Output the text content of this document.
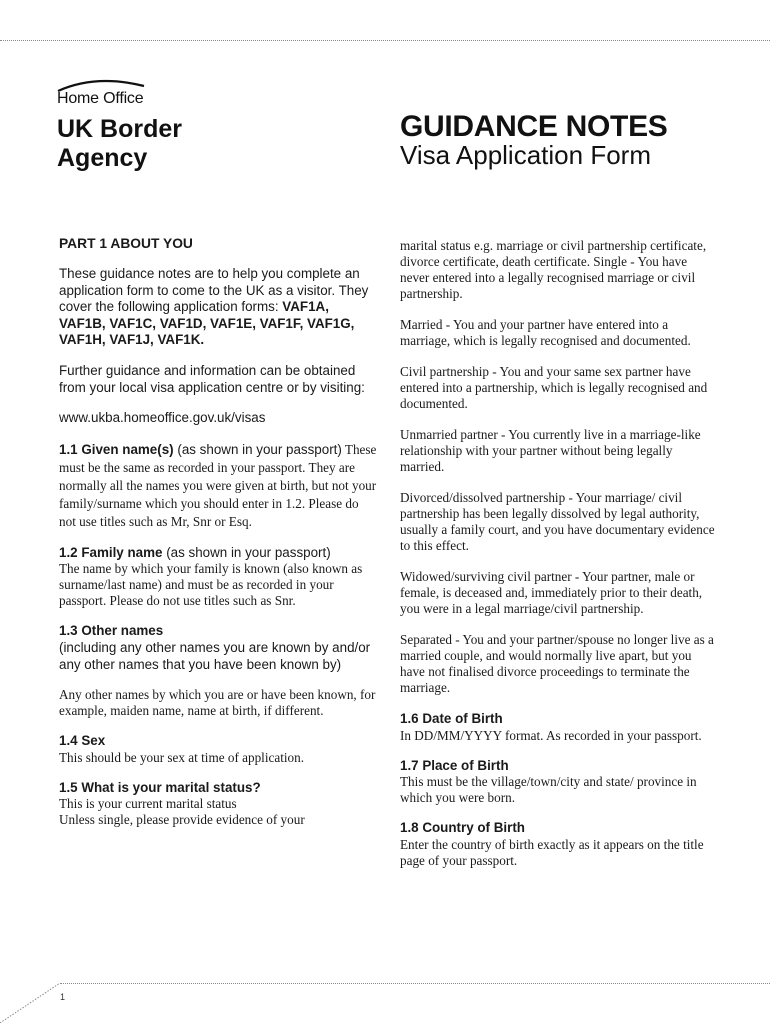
Home Office
UK Border
Agency
GUIDANCE NOTES
Visa Application Form
PART 1 ABOUT YOU
These guidance notes are to help you complete an application form to come to the UK as a visitor. They cover the following application forms: VAF1A, VAF1B, VAF1C, VAF1D, VAF1E, VAF1F, VAF1G, VAF1H, VAF1J, VAF1K.
Further guidance and information can be obtained from your local visa application centre or by visiting:
www.ukba.homeoffice.gov.uk/visas
1.1 Given name(s) (as shown in your passport) These must be the same as recorded in your passport. They are normally all the names you were given at birth, but not your family/surname which you should enter in 1.2. Please do not use titles such as Mr, Snr or Esq.
1.2 Family name (as shown in your passport)
The name by which your family is known (also known as surname/last name) and must be as recorded in your passport. Please do not use titles such as Snr.
1.3 Other names
(including any other names you are known by and/or any other names that you have been known by)
Any other names by which you are or have been known, for example, maiden name, name at birth, if different.
1.4 Sex
This should be your sex at time of application.
1.5 What is your marital status?
This is your current marital status
Unless single, please provide evidence of your
marital status e.g. marriage or civil partnership certificate, divorce certificate, death certificate. Single - You have never entered into a legally recognised marriage or civil partnership.
Married - You and your partner have entered into a marriage, which is legally recognised and documented.
Civil partnership - You and your same sex partner have entered into a partnership, which is legally recognised and documented.
Unmarried partner - You currently live in a marriage-like relationship with your partner without being legally married.
Divorced/dissolved partnership - Your marriage/ civil partnership has been legally dissolved by legal authority, usually a family court, and you have documentary evidence to this effect.
Widowed/surviving civil partner - Your partner, male or female, is deceased and, immediately prior to their death, you were in a legal marriage/civil partnership.
Separated - You and your partner/spouse no longer live as a married couple, and would normally live apart, but you have not finalised divorce proceedings to terminate the marriage.
1.6 Date of Birth
In DD/MM/YYYY format. As recorded in your passport.
1.7 Place of Birth
This must be the village/town/city and state/ province in which you were born.
1.8 Country of Birth
Enter the country of birth exactly as it appears on the title page of your passport.
1
